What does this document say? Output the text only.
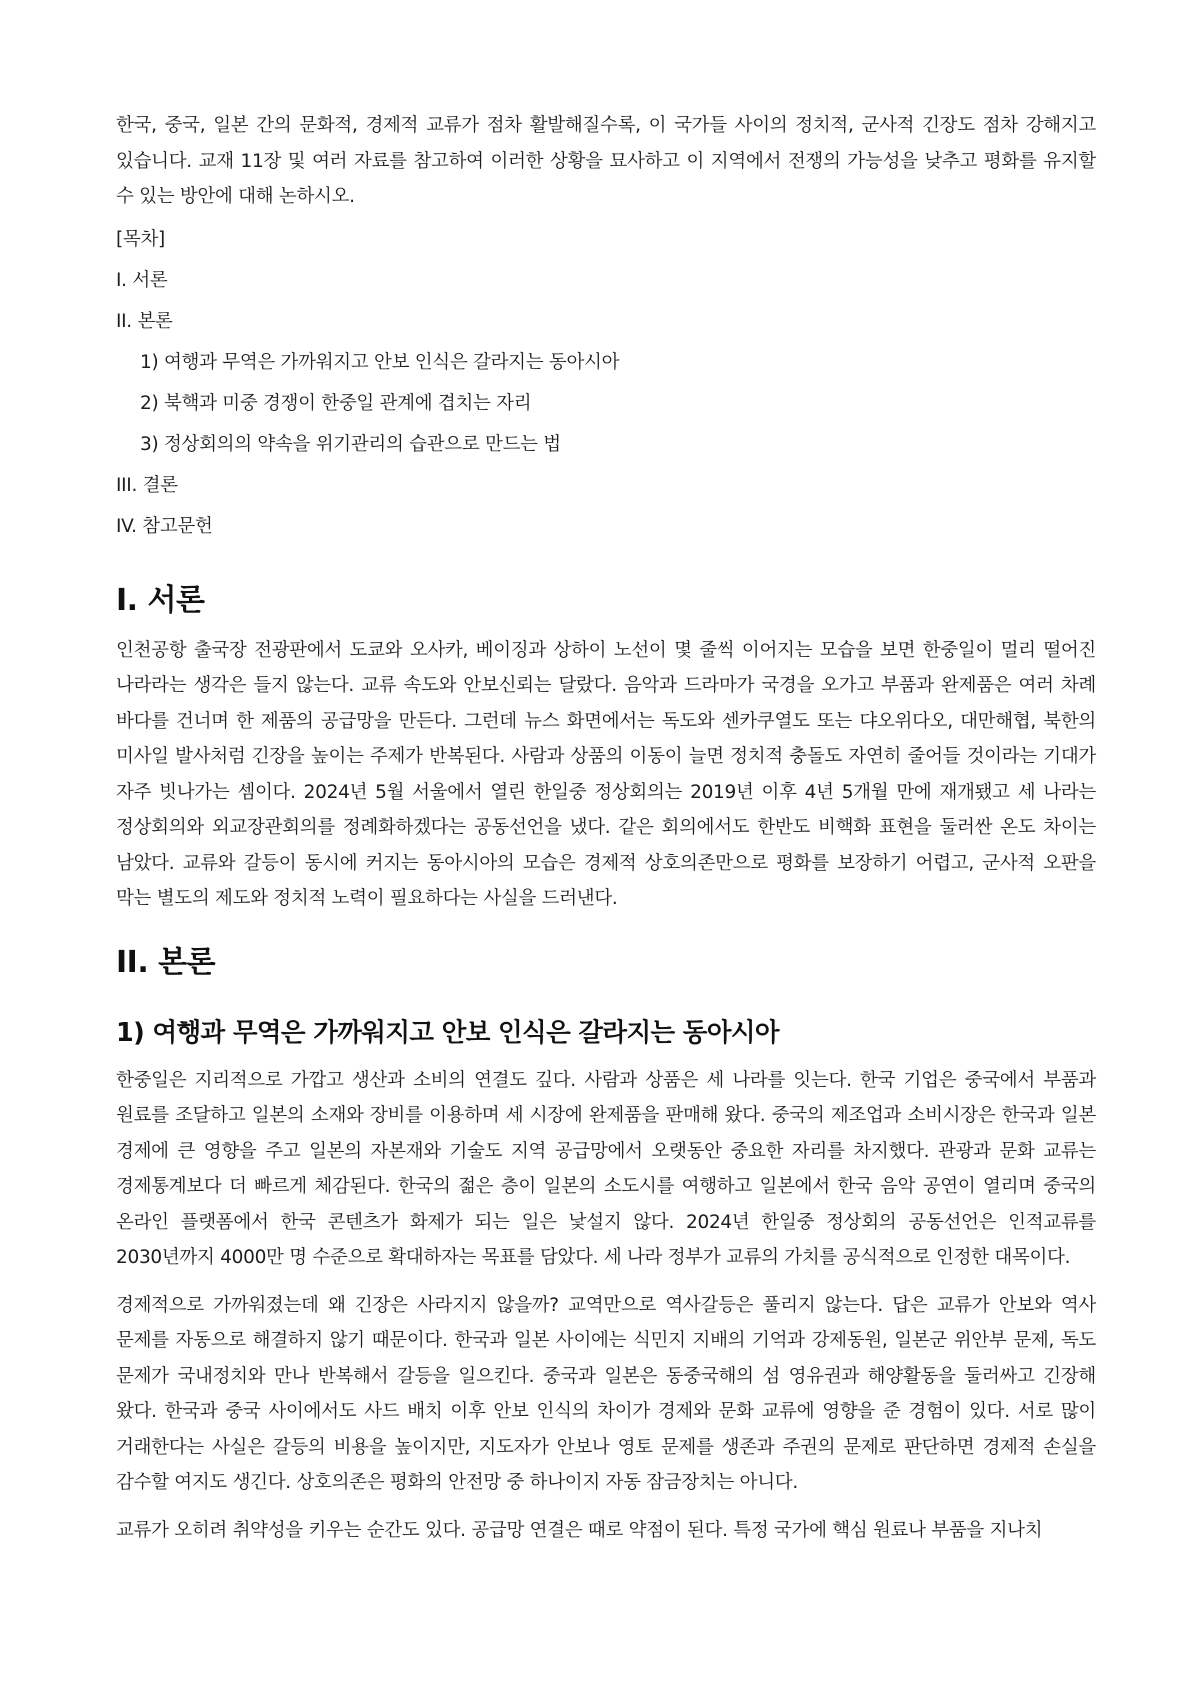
한국, 중국, 일본 간의 문화적, 경제적 교류가 점차 활발해질수록, 이 국가들 사이의 정치적, 군사적 긴장도 점차 강해지고 있습니다. 교재 11장 및 여러 자료를 참고하여 이러한 상황을 묘사하고 이 지역에서 전쟁의 가능성을 낮추고 평화를 유지할 수 있는 방안에 대해 논하시오.

[목차]

I. 서론

II. 본론

1) 여행과 무역은 가까워지고 안보 인식은 갈라지는 동아시아

2) 북핵과 미중 경쟁이 한중일 관계에 겹치는 자리

3) 정상회의의 약속을 위기관리의 습관으로 만드는 법

III. 결론

IV. 참고문헌

I. 서론

인천공항 출국장 전광판에서 도쿄와 오사카, 베이징과 상하이 노선이 몇 줄씩 이어지는 모습을 보면 한중일이 멀리 떨어진 나라라는 생각은 들지 않는다. 교류 속도와 안보신뢰는 달랐다. 음악과 드라마가 국경을 오가고 부품과 완제품은 여러 차례 바다를 건너며 한 제품의 공급망을 만든다. 그런데 뉴스 화면에서는 독도와 센카쿠열도 또는 댜오위다오, 대만해협, 북한의 미사일 발사처럼 긴장을 높이는 주제가 반복된다. 사람과 상품의 이동이 늘면 정치적 충돌도 자연히 줄어들 것이라는 기대가 자주 빗나가는 셈이다. 2024년 5월 서울에서 열린 한일중 정상회의는 2019년 이후 4년 5개월 만에 재개됐고 세 나라는 정상회의와 외교장관회의를 정례화하겠다는 공동선언을 냈다. 같은 회의에서도 한반도 비핵화 표현을 둘러싼 온도 차이는 남았다. 교류와 갈등이 동시에 커지는 동아시아의 모습은 경제적 상호의존만으로 평화를 보장하기 어렵고, 군사적 오판을 막는 별도의 제도와 정치적 노력이 필요하다는 사실을 드러낸다.

II. 본론
1) 여행과 무역은 가까워지고 안보 인식은 갈라지는 동아시아

한중일은 지리적으로 가깝고 생산과 소비의 연결도 깊다. 사람과 상품은 세 나라를 잇는다. 한국 기업은 중국에서 부품과 원료를 조달하고 일본의 소재와 장비를 이용하며 세 시장에 완제품을 판매해 왔다. 중국의 제조업과 소비시장은 한국과 일본 경제에 큰 영향을 주고 일본의 자본재와 기술도 지역 공급망에서 오랫동안 중요한 자리를 차지했다. 관광과 문화 교류는 경제통계보다 더 빠르게 체감된다. 한국의 젊은 층이 일본의 소도시를 여행하고 일본에서 한국 음악 공연이 열리며 중국의 온라인 플랫폼에서 한국 콘텐츠가 화제가 되는 일은 낯설지 않다. 2024년 한일중 정상회의 공동선언은 인적교류를 2030년까지 4000만 명 수준으로 확대하자는 목표를 담았다. 세 나라 정부가 교류의 가치를 공식적으로 인정한 대목이다.

경제적으로 가까워졌는데 왜 긴장은 사라지지 않을까? 교역만으로 역사갈등은 풀리지 않는다. 답은 교류가 안보와 역사 문제를 자동으로 해결하지 않기 때문이다. 한국과 일본 사이에는 식민지 지배의 기억과 강제동원, 일본군 위안부 문제, 독도 문제가 국내정치와 만나 반복해서 갈등을 일으킨다. 중국과 일본은 동중국해의 섬 영유권과 해양활동을 둘러싸고 긴장해 왔다. 한국과 중국 사이에서도 사드 배치 이후 안보 인식의 차이가 경제와 문화 교류에 영향을 준 경험이 있다. 서로 많이 거래한다는 사실은 갈등의 비용을 높이지만, 지도자가 안보나 영토 문제를 생존과 주권의 문제로 판단하면 경제적 손실을 감수할 여지도 생긴다. 상호의존은 평화의 안전망 중 하나이지 자동 잠금장치는 아니다.

교류가 오히려 취약성을 키우는 순간도 있다. 공급망 연결은 때로 약점이 된다. 특정 국가에 핵심 원료나 부품을 지나치
